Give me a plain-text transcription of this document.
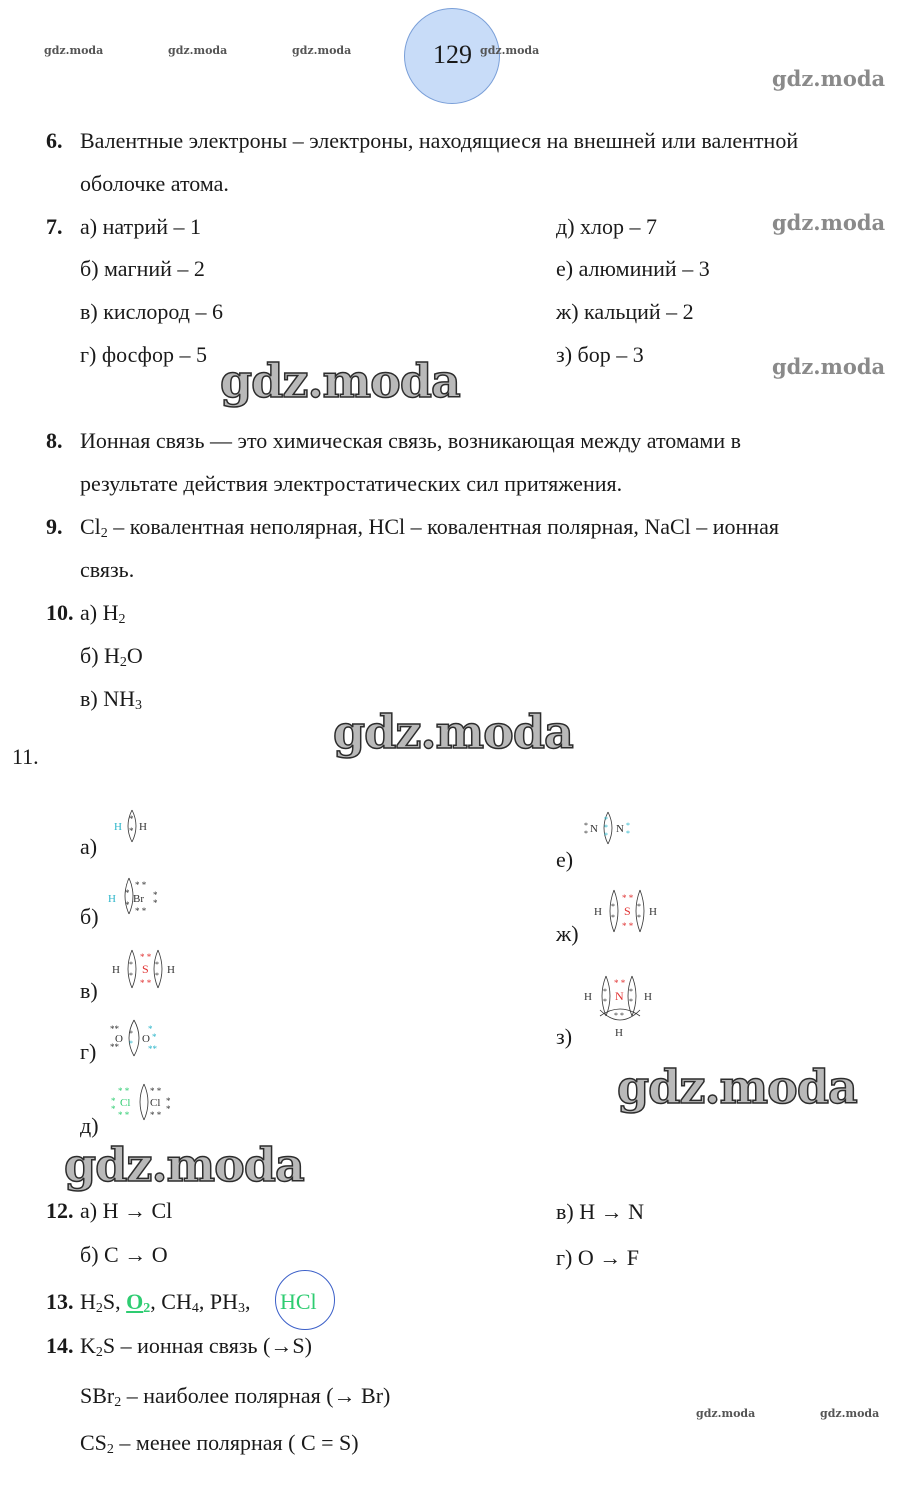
129
gdz.moda	gdz.moda	gdz.moda	gdz.moda
gdz.moda
gdz.moda
gdz.moda
6. Валентные электроны – электроны, находящиеся на внешней или валентной
оболочке атома.
7. а) натрий – 1
б) магний – 2
в) кислород – 6
г) фосфор – 5
д) хлор – 7
е) алюминий – 3
ж) кальций – 2
з) бор – 3
gdz.moda
8. Ионная связь — это химическая связь, возникающая между атомами в
результате действия электростатических сил притяжения.
9. $Cl_2$ – ковалентная неполярная, HCl – ковалентная полярная, NaCl – ионная
связь.
10. а) $H_2$
б) $H_2O$
в) $NH_3$	gdz.moda
11.
а)
б)
в)
г)
д)
е)
ж)
з)
H H
*
*
H Br
* *
* *
*
*
*
*
H S H
* *
* *
*
*
*
*
O O
**
**
*
*
**
*
*
Cl Cl
* *
* *
*
*
* *
* *
*
*
N N
*
*
*
*
*
*
*
H S H
* *
* *
*
*
*
*
H N H
H
* *
*
*
*
*
* *
gdz.moda
gdz.moda
12. а) H → Cl
б) C → O
в) H → N
г) O → F
13. $H_2S$, $O_2$, $CH_4$, $PH_3$, HCl
14. $K_2S$ – ионная связь (→S)
SBr$_2$ – наиболее полярная (→ Br)
$CS_2$ – менее полярная ( C = S)
gdz.moda	gdz.moda
